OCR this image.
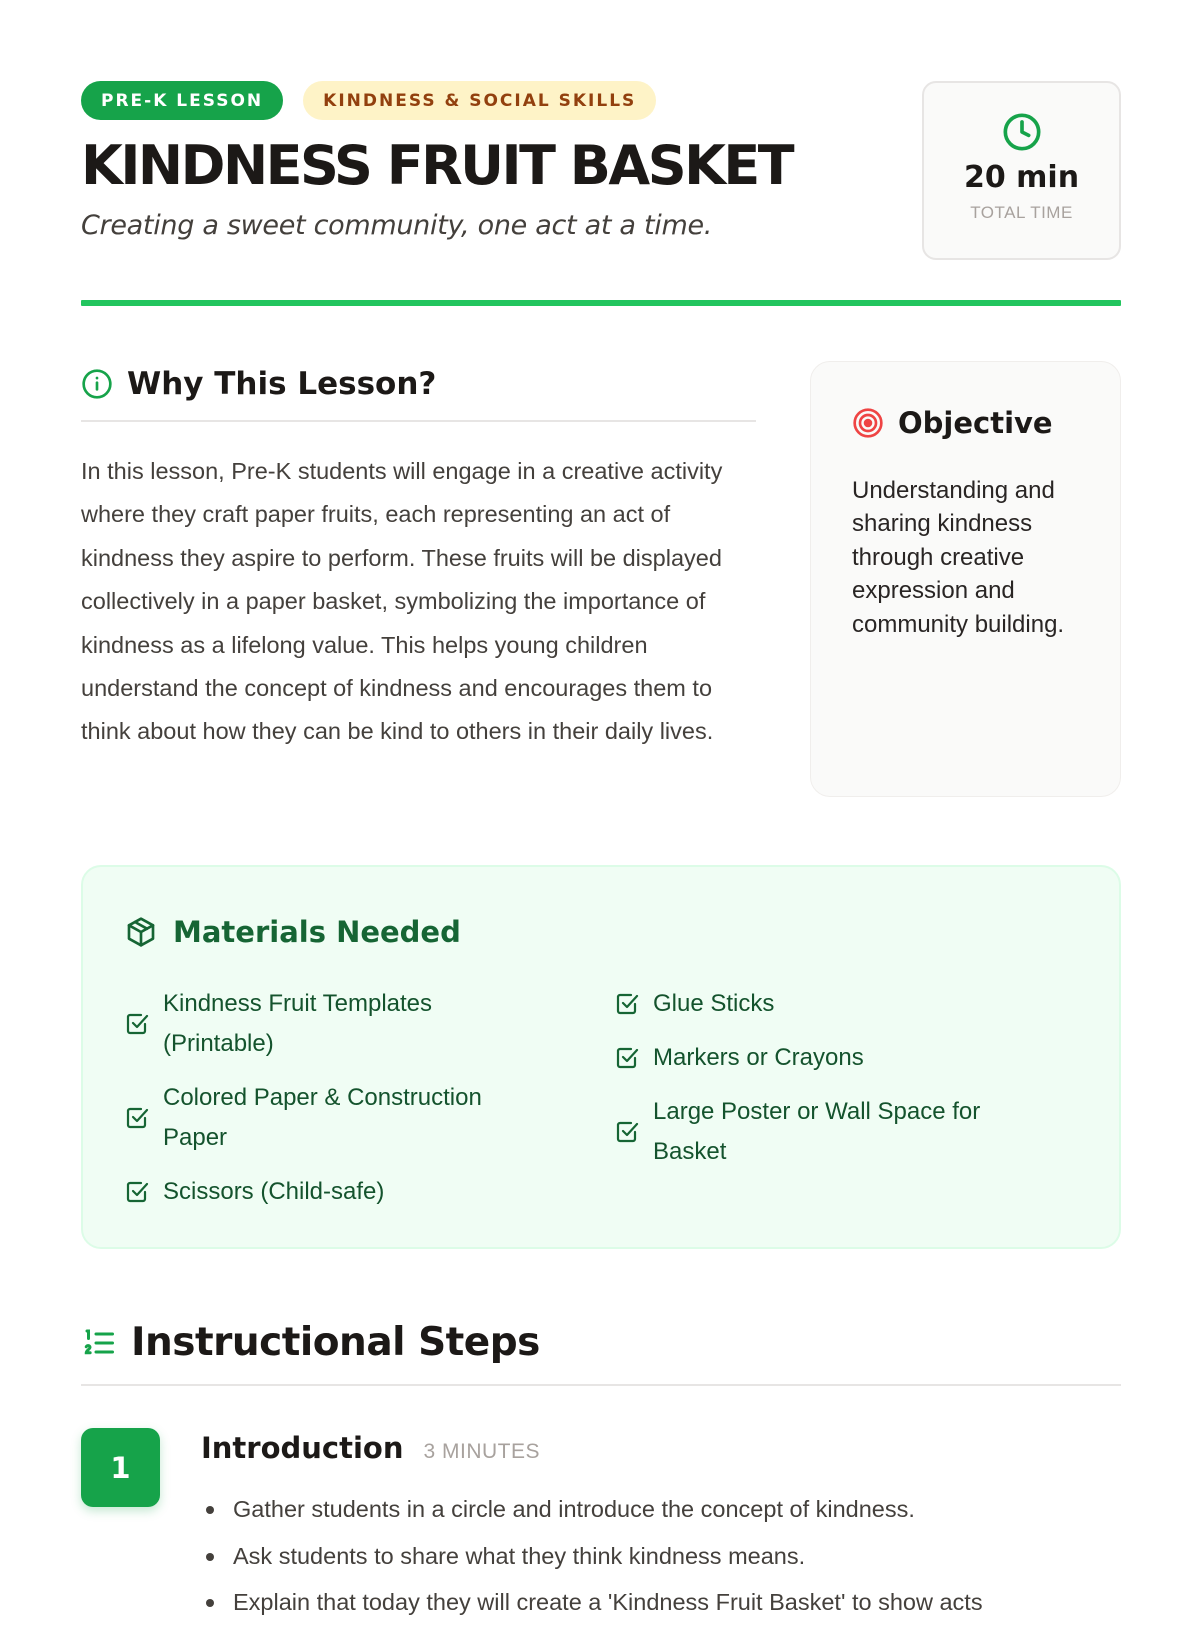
PRE-K LESSON	KINDNESS & SOCIAL SKILLS
KINDNESS FRUIT BASKET

Creating a sweet community, one act at a time.

20 min
TOTAL TIME
Why This Lesson?

In this lesson, Pre-K students will engage in a creative activity where they craft paper fruits, each representing an act of kindness they aspire to perform. These fruits will be displayed collectively in a paper basket, symbolizing the importance of kindness as a lifelong value. This helps young children understand the concept of kindness and encourages them to think about how they can be kind to others in their daily lives.

Objective

Understanding and sharing kindness through creative expression and community building.

Materials Needed
Kindness Fruit Templates (Printable)
Colored Paper & Construction Paper
Scissors (Child-safe)
Glue Sticks
Markers or Crayons
Large Poster or Wall Space for Basket
Instructional Steps
1
Introduction 3 MINUTES
Gather students in a circle and introduce the concept of kindness.
Ask students to share what they think kindness means.
Explain that today they will create a 'Kindness Fruit Basket' to show acts
